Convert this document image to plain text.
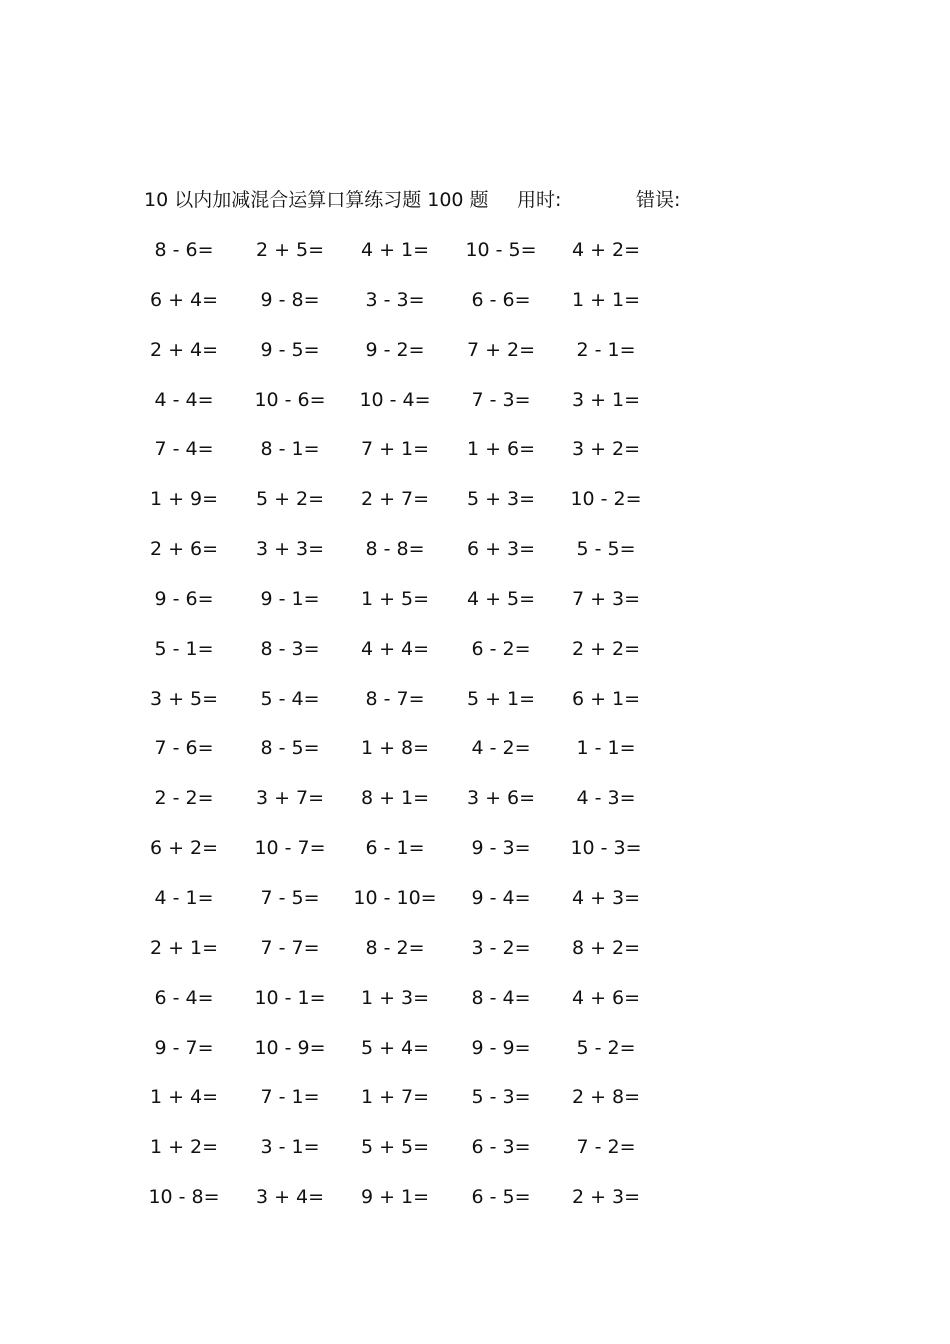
10 以内加减混合运算口算练习题 100 题 用时:	错误:
8 - 6=	2 + 5=	4 + 1=	10 - 5=	4 + 2=
6 + 4=	9 - 8=	3 - 3=	6 - 6=	1 + 1=
2 + 4=	9 - 5=	9 - 2=	7 + 2=	2 - 1=
4 - 4=	10 - 6=	10 - 4=	7 - 3=	3 + 1=
7 - 4=	8 - 1=	7 + 1=	1 + 6=	3 + 2=
1 + 9=	5 + 2=	2 + 7=	5 + 3=	10 - 2=
2 + 6=	3 + 3=	8 - 8=	6 + 3=	5 - 5=
9 - 6=	9 - 1=	1 + 5=	4 + 5=	7 + 3=
5 - 1=	8 - 3=	4 + 4=	6 - 2=	2 + 2=
3 + 5=	5 - 4=	8 - 7=	5 + 1=	6 + 1=
7 - 6=	8 - 5=	1 + 8=	4 - 2=	1 - 1=
2 - 2=	3 + 7=	8 + 1=	3 + 6=	4 - 3=
6 + 2=	10 - 7=	6 - 1=	9 - 3=	10 - 3=
4 - 1=	7 - 5=	10 - 10=	9 - 4=	4 + 3=
2 + 1=	7 - 7=	8 - 2=	3 - 2=	8 + 2=
6 - 4=	10 - 1=	1 + 3=	8 - 4=	4 + 6=
9 - 7=	10 - 9=	5 + 4=	9 - 9=	5 - 2=
1 + 4=	7 - 1=	1 + 7=	5 - 3=	2 + 8=
1 + 2=	3 - 1=	5 + 5=	6 - 3=	7 - 2=
10 - 8=	3 + 4=	9 + 1=	6 - 5=	2 + 3=
